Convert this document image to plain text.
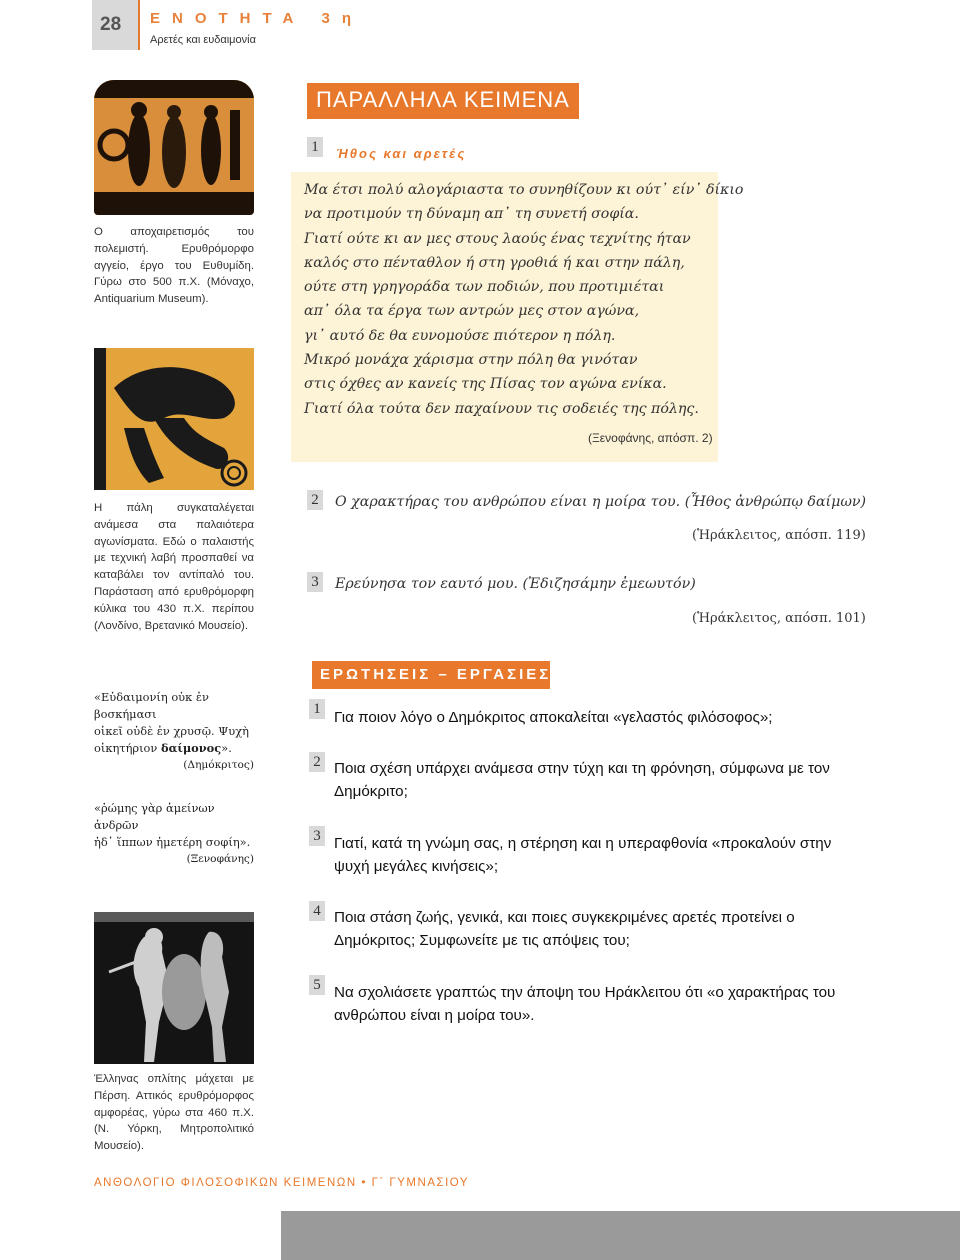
28 ΕΝΟΤΗΤΑ 3η
Αρετές και ευδαιμονία
Ο αποχαιρετισμός του πολεμιστή. Ερυθρόμορφο αγγείο, έργο του Ευθυμίδη. Γύρω στο 500 π.Χ. (Μόναχο, Antiquarium Museum).
Η πάλη συγκαταλέγεται ανάμεσα στα παλαιότερα αγωνίσματα. Εδώ ο παλαιστής με τεχνική λαβή προσπαθεί να καταβάλει τον αντίπαλό του. Παράσταση από ερυθρόμορφη κύλικα του 430 π.Χ. περίπου (Λονδίνο, Βρετανικό Μουσείο).
«Εὐδαιμονίη οὐκ ἐν βοσκήμασι
οἰκεῖ οὐδὲ ἐν χρυσῷ. Ψυχὴ
οἰκητήριον δαίμονος».
(Δημόκριτος)
«ῥώμης γὰρ ἀμείνων ἀνδρῶν
ἠδ᾽ ἵππων ἡμετέρη σοφίη».
(Ξενοφάνης)
Έλληνας οπλίτης μάχεται με Πέρση. Αττικός ερυθρόμορφος αμφορέας, γύρω στα 460 π.Χ. (Ν. Υόρκη, Μητροπολιτικό Μουσείο).
ΠΑΡΑΛΛΗΛΑ ΚΕΙΜΕΝΑ
1	Ήθος και αρετές
Μα έτσι πολύ αλογάριαστα το συνηθίζουν κι ούτ᾽ είν᾽ δίκιο
να προτιμούν τη δύναμη απ᾽ τη συνετή σοφία.
Γιατί ούτε κι αν μες στους λαούς ένας τεχνίτης ήταν
καλός στο πένταθλον ή στη γροθιά ή και στην πάλη,
ούτε στη γρηγοράδα των ποδιών, που προτιμιέται
απ᾽ όλα τα έργα των αντρών μες στον αγώνα,
γι᾽ αυτό δε θα ευνομούσε πιότερον η πόλη.
Μικρό μονάχα χάρισμα στην πόλη θα γινόταν
στις όχθες αν κανείς της Πίσας τον αγώνα ενίκα.
Γιατί όλα τούτα δεν παχαίνουν τις σοδειές της πόλης.
(Ξενοφάνης, απόσπ. 2)
2 Ο χαρακτήρας του ανθρώπου είναι η μοίρα του. (Ἦθος ἀνθρώπῳ δαίμων)
(Ἡράκλειτος, απόσπ. 119)
3 Ερεύνησα τον εαυτό μου. (Ἐδιζησάμην ἐμεωυτόν)
(Ἡράκλειτος, απόσπ. 101)
ΕΡΩΤΗΣΕΙΣ – ΕΡΓΑΣΙΕΣ
1 Για ποιον λόγο ο Δημόκριτος αποκαλείται «γελαστός φιλόσοφος»;
2 Ποια σχέση υπάρχει ανάμεσα στην τύχη και τη φρόνηση, σύμφωνα με τον Δημόκριτο;
3 Γιατί, κατά τη γνώμη σας, η στέρηση και η υπεραφθονία «προκαλούν στην ψυχή μεγάλες κινήσεις»;
4 Ποια στάση ζωής, γενικά, και ποιες συγκεκριμένες αρετές προτείνει ο Δημόκριτος; Συμφωνείτε με τις απόψεις του;
5 Να σχολιάσετε γραπτώς την άποψη του Ηράκλειτου ότι «ο χαρακτήρας του ανθρώπου είναι η μοίρα του».
ΑΝΘΟΛΟΓΙΟ ΦΙΛΟΣΟΦΙΚΩΝ ΚΕΙΜΕΝΩΝ • Γ΄ ΓΥΜΝΑΣΙΟΥ
